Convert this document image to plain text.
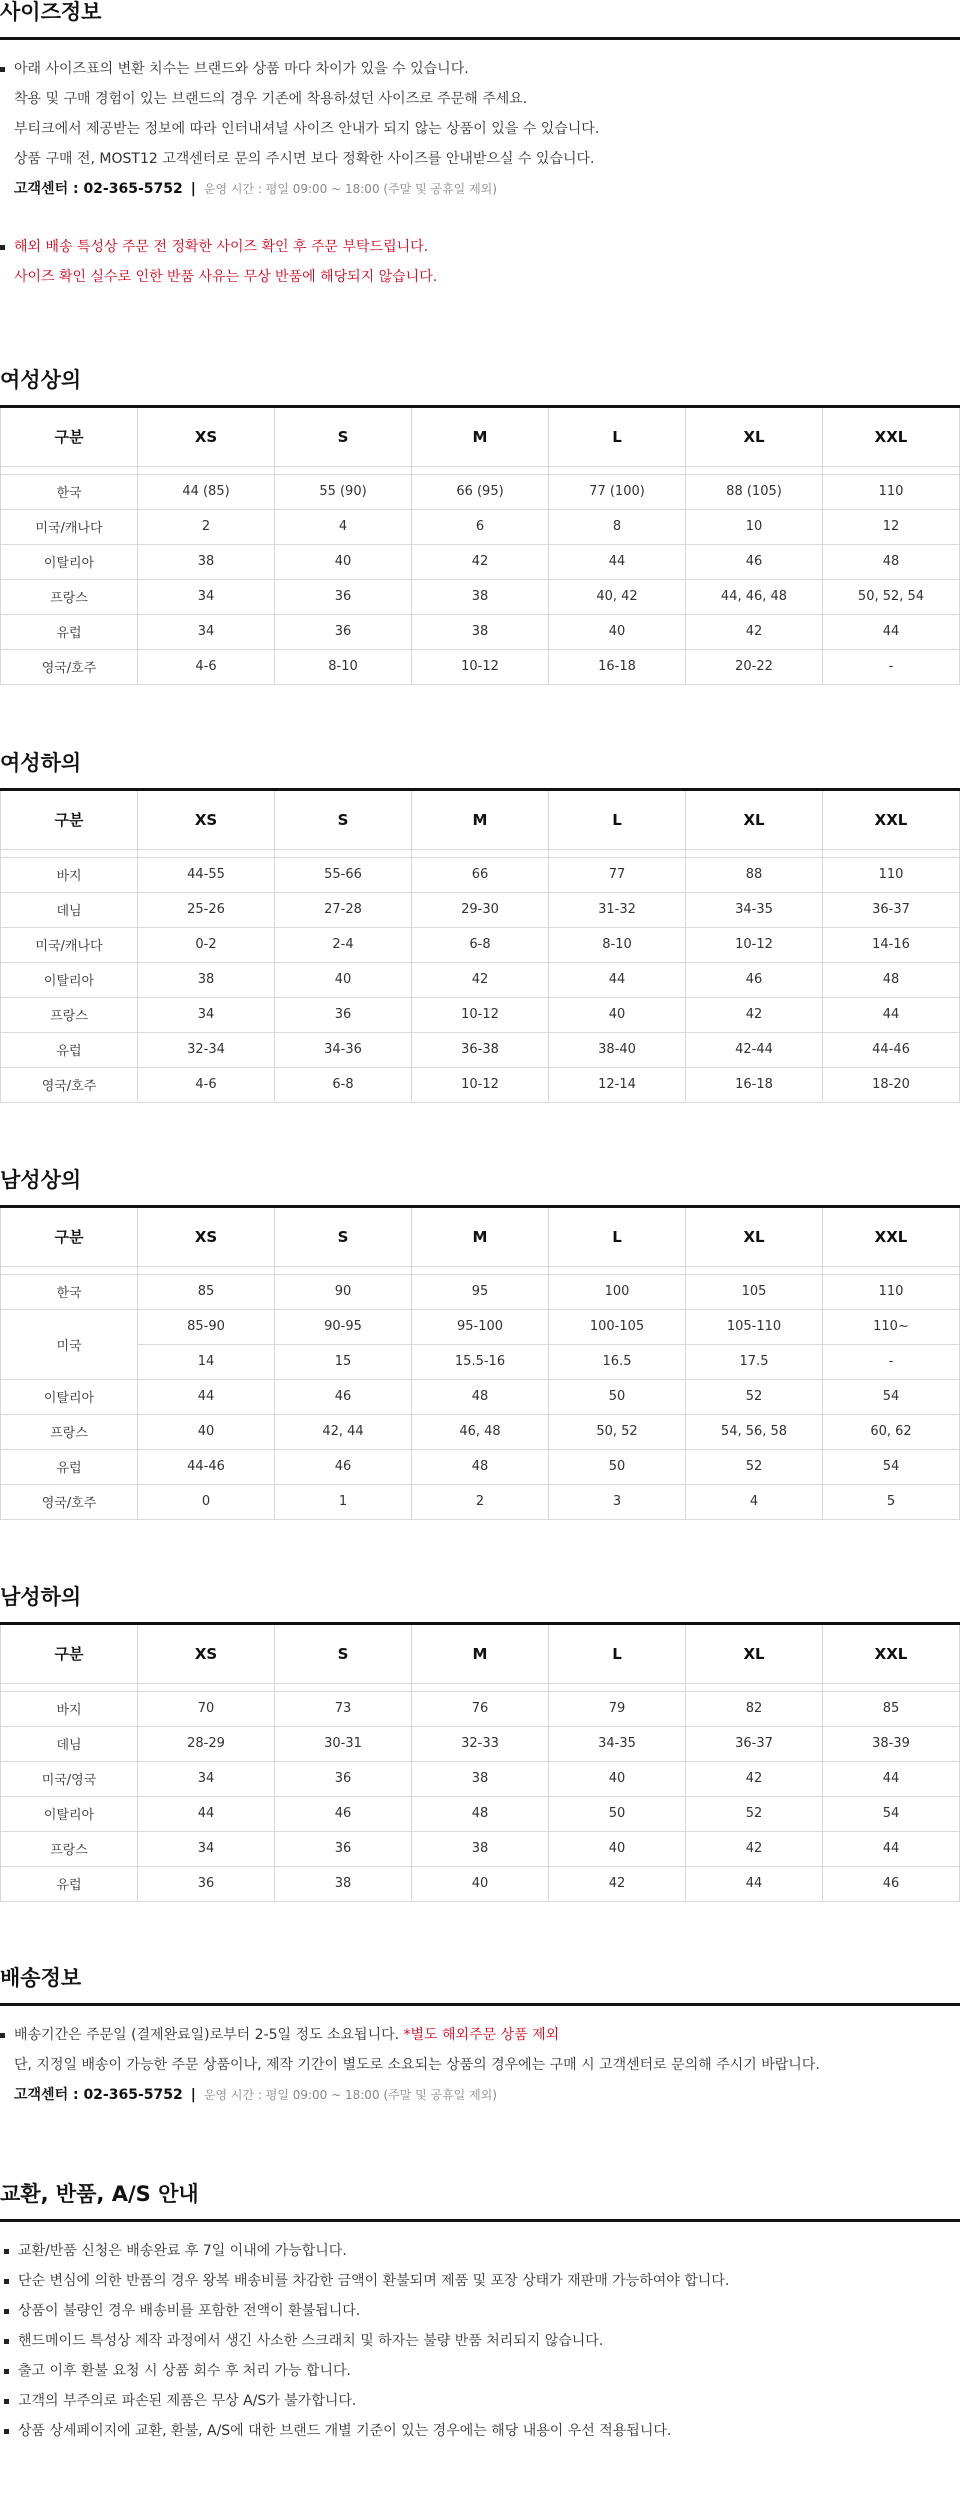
사이즈정보
아래 사이즈표의 변환 치수는 브랜드와 상품 마다 차이가 있을 수 있습니다.
착용 및 구매 경험이 있는 브랜드의 경우 기존에 착용하셨던 사이즈로 주문해 주세요.
부티크에서 제공받는 정보에 따라 인터내셔널 사이즈 안내가 되지 않는 상품이 있을 수 있습니다.
상품 구매 전, MOST12 고객센터로 문의 주시면 보다 정확한 사이즈를 안내받으실 수 있습니다.
고객센터 : 02-365-5752 | 운영 시간 : 평일 09:00 ~ 18:00 (주말 및 공휴일 제외)
해외 배송 특성상 주문 전 정확한 사이즈 확인 후 주문 부탁드립니다.
사이즈 확인 실수로 인한 반품 사유는 무상 반품에 해당되지 않습니다.
여성상의
구분	XS	S	M	L	XL	XXL

한국	44 (85)	55 (90)	66 (95)	77 (100)	88 (105)	110
미국/캐나다	2	4	6	8	10	12
이탈리아	38	40	42	44	46	48
프랑스	34	36	38	40, 42	44, 46, 48	50, 52, 54
유럽	34	36	38	40	42	44
영국/호주	4-6	8-10	10-12	16-18	20-22	-
여성하의
구분	XS	S	M	L	XL	XXL

바지	44-55	55-66	66	77	88	110
데님	25-26	27-28	29-30	31-32	34-35	36-37
미국/캐나다	0-2	2-4	6-8	8-10	10-12	14-16
이탈리아	38	40	42	44	46	48
프랑스	34	36	10-12	40	42	44
유럽	32-34	34-36	36-38	38-40	42-44	44-46
영국/호주	4-6	6-8	10-12	12-14	16-18	18-20
남성상의
구분	XS	S	M	L	XL	XXL

한국	85	90	95	100	105	110
미국	85-90	90-95	95-100	100-105	105-110	110~
	14	15	15.5-16	16.5	17.5	-
이탈리아	44	46	48	50	52	54
프랑스	40	42, 44	46, 48	50, 52	54, 56, 58	60, 62
유럽	44-46	46	48	50	52	54
영국/호주	0	1	2	3	4	5
남성하의
구분	XS	S	M	L	XL	XXL

바지	70	73	76	79	82	85
데님	28-29	30-31	32-33	34-35	36-37	38-39
미국/영국	34	36	38	40	42	44
이탈리아	44	46	48	50	52	54
프랑스	34	36	38	40	42	44
유럽	36	38	40	42	44	46
배송정보
배송기간은 주문일 (결제완료일)로부터 2-5일 정도 소요됩니다. *별도 해외주문 상품 제외
단, 지정일 배송이 가능한 주문 상품이나, 제작 기간이 별도로 소요되는 상품의 경우에는 구매 시 고객센터로 문의해 주시기 바랍니다.
고객센터 : 02-365-5752 | 운영 시간 : 평일 09:00 ~ 18:00 (주말 및 공휴일 제외)
교환, 반품, A/S 안내
교환/반품 신청은 배송완료 후 7일 이내에 가능합니다.
단순 변심에 의한 반품의 경우 왕복 배송비를 차감한 금액이 환불되며 제품 및 포장 상태가 재판매 가능하여야 합니다.
상품이 불량인 경우 배송비를 포함한 전액이 환불됩니다.
핸드메이드 특성상 제작 과정에서 생긴 사소한 스크래치 및 하자는 불량 반품 처리되지 않습니다.
출고 이후 환불 요청 시 상품 회수 후 처리 가능 합니다.
고객의 부주의로 파손된 제품은 무상 A/S가 불가합니다.
상품 상세페이지에 교환, 환불, A/S에 대한 브랜드 개별 기준이 있는 경우에는 해당 내용이 우선 적용됩니다.
